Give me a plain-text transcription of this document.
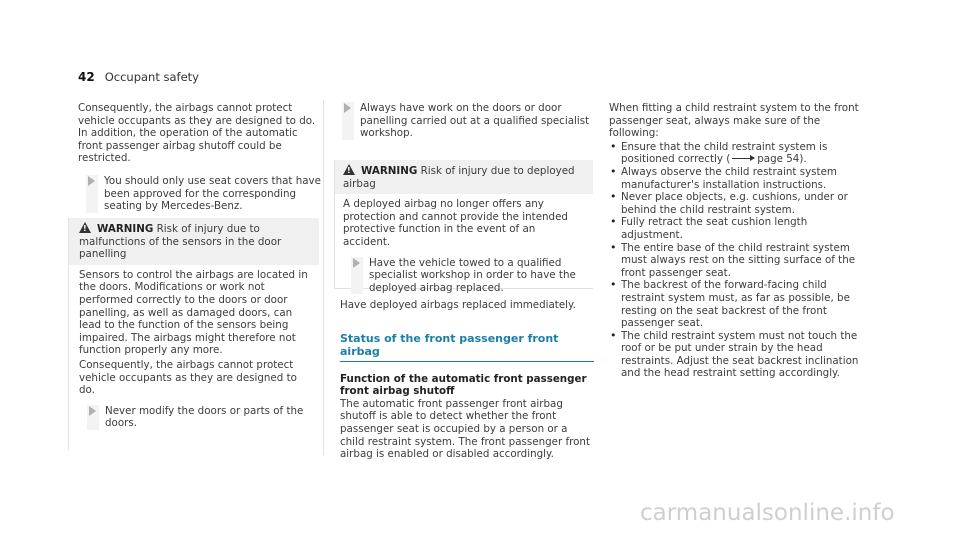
42 Occupant safety

Consequently, the airbags cannot protect vehicle occupants as they are designed to do. In addition, the operation of the automatic front passenger airbag shutoff could be restricted.

You should only use seat covers that have been approved for the corresponding seating by Mercedes-Benz.
!WARNING Risk of injury due to malfunctions of the sensors in the door panelling

Sensors to control the airbags are located in the doors. Modifications or work not performed correctly to the doors or door panelling, as well as damaged doors, can lead to the function of the sensors being impaired. The airbags might therefore not function properly any more.

Consequently, the airbags cannot protect vehicle occupants as they are designed to do.

Never modify the doors or parts of the doors.
Always have work on the doors or door panelling carried out at a qualified specialist workshop.
!WARNING Risk of injury due to deployed airbag

A deployed airbag no longer offers any protection and cannot provide the intended protective function in the event of an accident.

Have the vehicle towed to a qualified specialist workshop in order to have the deployed airbag replaced.

Have deployed airbags replaced immediately.

Status of the front passenger front airbag

Function of the automatic front passenger front airbag shutoff

The automatic front passenger front airbag shutoff is able to detect whether the front passenger seat is occupied by a person or a child restraint system. The front passenger front airbag is enabled or disabled accordingly.

When fitting a child restraint system to the front passenger seat, always make sure of the following:

• Ensure that the child restraint system is positioned correctly (	page 54).
• Always observe the child restraint system manufacturer's installation instructions.
• Never place objects, e.g. cushions, under or behind the child restraint system.
• Fully retract the seat cushion length adjustment.
• The entire base of the child restraint system must always rest on the sitting surface of the front passenger seat.
• The backrest of the forward-facing child restraint system must, as far as possible, be resting on the seat backrest of the front passenger seat.
• The child restraint system must not touch the roof or be put under strain by the head restraints. Adjust the seat backrest inclination and the head restraint setting accordingly.
carmanualsonline.info
